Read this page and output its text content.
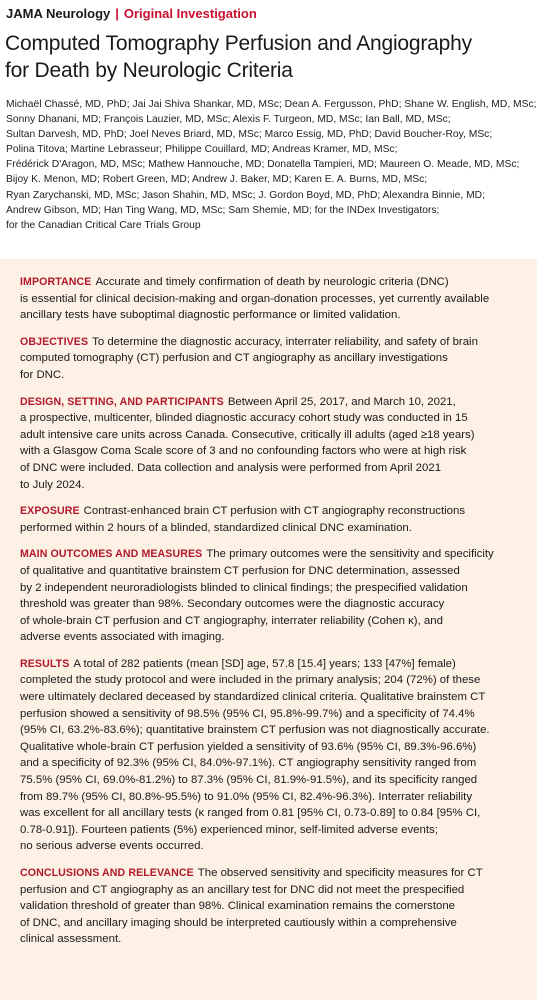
JAMA Neurology | Original Investigation
Computed Tomography Perfusion and Angiography
for Death by Neurologic Criteria
Michaël Chassé, MD, PhD; Jai Jai Shiva Shankar, MD, MSc; Dean A. Fergusson, PhD; Shane W. English, MD, MSc;
Sonny Dhanani, MD; François Lauzier, MD, MSc; Alexis F. Turgeon, MD, MSc; Ian Ball, MD, MSc;
Sultan Darvesh, MD, PhD; Joel Neves Briard, MD, MSc; Marco Essig, MD, PhD; David Boucher-Roy, MSc;
Polina Titova; Martine Lebrasseur; Philippe Couillard, MD; Andreas Kramer, MD, MSc;
Frédérick D'Aragon, MD, MSc; Mathew Hannouche, MD; Donatella Tampieri, MD; Maureen O. Meade, MD, MSc;
Bijoy K. Menon, MD; Robert Green, MD; Andrew J. Baker, MD; Karen E. A. Burns, MD, MSc;
Ryan Zarychanski, MD, MSc; Jason Shahin, MD, MSc; J. Gordon Boyd, MD, PhD; Alexandra Binnie, MD;
Andrew Gibson, MD; Han Ting Wang, MD, MSc; Sam Shemie, MD; for the INDex Investigators;
for the Canadian Critical Care Trials Group
IMPORTANCE Accurate and timely confirmation of death by neurologic criteria (DNC)
is essential for clinical decision-making and organ-donation processes, yet currently available
ancillary tests have suboptimal diagnostic performance or limited validation.
OBJECTIVES To determine the diagnostic accuracy, interrater reliability, and safety of brain
computed tomography (CT) perfusion and CT angiography as ancillary investigations
for DNC.
DESIGN, SETTING, AND PARTICIPANTS Between April 25, 2017, and March 10, 2021,
a prospective, multicenter, blinded diagnostic accuracy cohort study was conducted in 15
adult intensive care units across Canada. Consecutive, critically ill adults (aged ≥18 years)
with a Glasgow Coma Scale score of 3 and no confounding factors who were at high risk
of DNC were included. Data collection and analysis were performed from April 2021
to July 2024.
EXPOSURE Contrast-enhanced brain CT perfusion with CT angiography reconstructions
performed within 2 hours of a blinded, standardized clinical DNC examination.
MAIN OUTCOMES AND MEASURES The primary outcomes were the sensitivity and specificity
of qualitative and quantitative brainstem CT perfusion for DNC determination, assessed
by 2 independent neuroradiologists blinded to clinical findings; the prespecified validation
threshold was greater than 98%. Secondary outcomes were the diagnostic accuracy
of whole-brain CT perfusion and CT angiography, interrater reliability (Cohen κ), and
adverse events associated with imaging.
RESULTS A total of 282 patients (mean [SD] age, 57.8 [15.4] years; 133 [47%] female)
completed the study protocol and were included in the primary analysis; 204 (72%) of these
were ultimately declared deceased by standardized clinical criteria. Qualitative brainstem CT
perfusion showed a sensitivity of 98.5% (95% CI, 95.8%-99.7%) and a specificity of 74.4%
(95% CI, 63.2%-83.6%); quantitative brainstem CT perfusion was not diagnostically accurate.
Qualitative whole-brain CT perfusion yielded a sensitivity of 93.6% (95% CI, 89.3%-96.6%)
and a specificity of 92.3% (95% CI, 84.0%-97.1%). CT angiography sensitivity ranged from
75.5% (95% CI, 69.0%-81.2%) to 87.3% (95% CI, 81.9%-91.5%), and its specificity ranged
from 89.7% (95% CI, 80.8%-95.5%) to 91.0% (95% CI, 82.4%-96.3%). Interrater reliability
was excellent for all ancillary tests (κ ranged from 0.81 [95% CI, 0.73-0.89] to 0.84 [95% CI,
0.78-0.91]). Fourteen patients (5%) experienced minor, self-limited adverse events;
no serious adverse events occurred.
CONCLUSIONS AND RELEVANCE The observed sensitivity and specificity measures for CT
perfusion and CT angiography as an ancillary test for DNC did not meet the prespecified
validation threshold of greater than 98%. Clinical examination remains the cornerstone
of DNC, and ancillary imaging should be interpreted cautiously within a comprehensive
clinical assessment.
